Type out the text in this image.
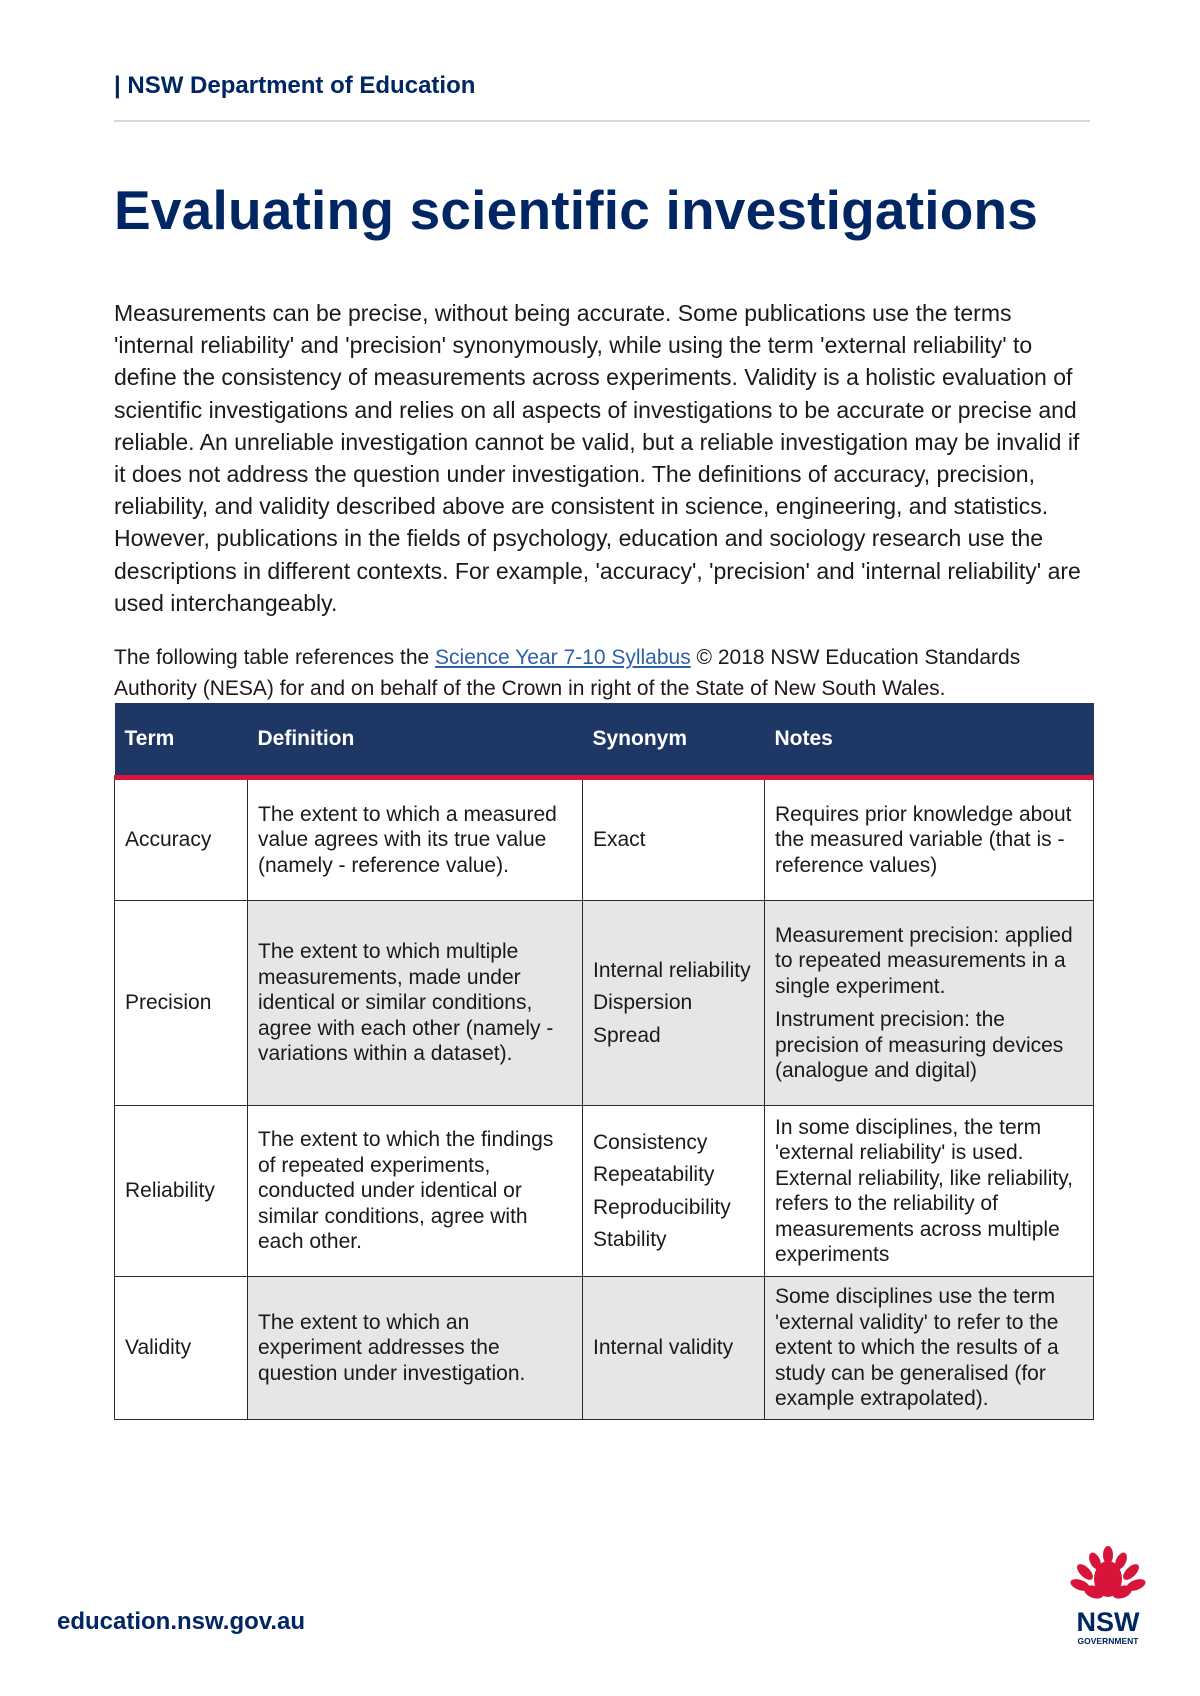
| NSW Department of Education
Evaluating scientific investigations

Measurements can be precise, without being accurate. Some publications use the terms 'internal reliability' and 'precision' synonymously, while using the term 'external reliability' to define the consistency of measurements across experiments. Validity is a holistic evaluation of scientific investigations and relies on all aspects of investigations to be accurate or precise and reliable. An unreliable investigation cannot be valid, but a reliable investigation may be invalid if it does not address the question under investigation. The definitions of accuracy, precision, reliability, and validity described above are consistent in science, engineering, and statistics. However, publications in the fields of psychology, education and sociology research use the descriptions in different contexts. For example, 'accuracy', 'precision' and 'internal reliability' are used interchangeably.

The following table references the Science Year 7-10 Syllabus © 2018 NSW Education Standards Authority (NESA) for and on behalf of the Crown in right of the State of New South Wales.

Term	Definition	Synonym	Notes
Accuracy	The extent to which a measured value agrees with its true value (namely - reference value).	Exact	Requires prior knowledge about the measured variable (that is - reference values)

Precision	The extent to which multiple measurements, made under identical or similar conditions, agree with each other (namely - variations within a dataset).	Internal reliability
Dispersion
Spread	Measurement precision: applied to repeated measurements in a single experiment.
Instrument precision: the precision of measuring devices (analogue and digital)

Reliability	The extent to which the findings of repeated experiments, conducted under identical or similar conditions, agree with each other.	Consistency
Repeatability
Reproducibility
Stability	In some disciplines, the term 'external reliability' is used. External reliability, like reliability, refers to the reliability of measurements across multiple experiments

Validity	The extent to which an experiment addresses the question under investigation.	Internal validity	Some disciplines use the term 'external validity' to refer to the extent to which the results of a study can be generalised (for example extrapolated).
education.nsw.gov.au	NSW
GOVERNMENT
